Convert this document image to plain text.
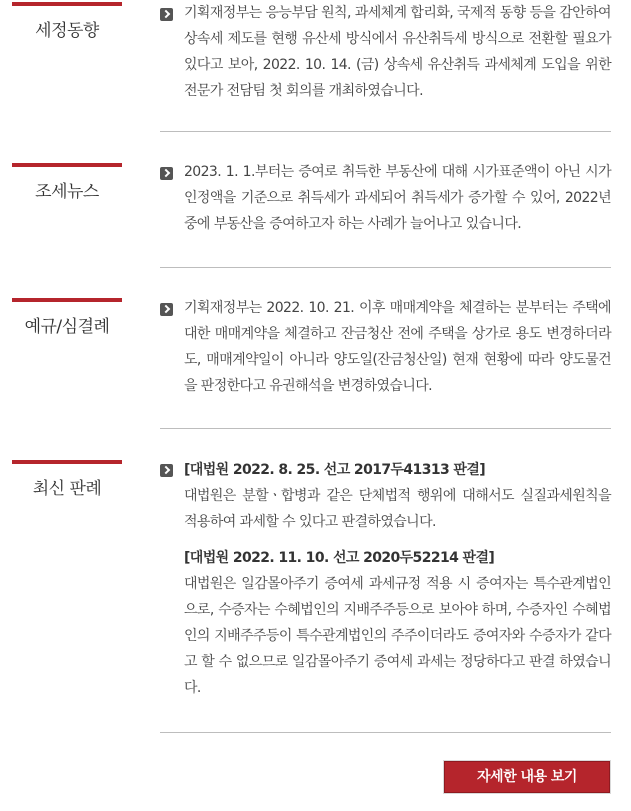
세정동향
기획재정부는 응능부담 원칙, 과세체계 합리화, 국제적 동향 등을 감안하여 상속세 제도를 현행 유산세 방식에서 유산취득세 방식으로 전환할 필요가 있다고 보아, 2022. 10. 14. (금) 상속세 유산취득 과세체계 도입을 위한 전문가 전담팀 첫 회의를 개최하였습니다.
조세뉴스
2023. 1. 1.부터는 증여로 취득한 부동산에 대해 시가표준액이 아닌 시가인정액을 기준으로 취득세가 과세되어 취득세가 증가할 수 있어, 2022년 중에 부동산을 증여하고자 하는 사례가 늘어나고 있습니다.
예규/심결례
기획재정부는 2022. 10. 21. 이후 매매계약을 체결하는 분부터는 주택에 대한 매매계약을 체결하고 잔금청산 전에 주택을 상가로 용도 변경하더라도, 매매계약일이 아니라 양도일(잔금청산일) 현재 현황에 따라 양도물건을 판정한다고 유권해석을 변경하였습니다.
최신 판례
[대법원 2022. 8. 25. 선고 2017두41313 판결]
대법원은 분할ㆍ합병과 같은 단체법적 행위에 대해서도 실질과세원칙을 적용하여 과세할 수 있다고 판결하였습니다.
[대법원 2022. 11. 10. 선고 2020두52214 판결]
대법원은 일감몰아주기 증여세 과세규정 적용 시 증여자는 특수관계법인으로, 수증자는 수혜법인의 지배주주등으로 보아야 하며, 수증자인 수혜법인의 지배주주등이 특수관계법인의 주주이더라도 증여자와 수증자가 같다고 할 수 없으므로 일감몰아주기 증여세 과세는 정당하다고 판결 하였습니다.
자세한 내용 보기
